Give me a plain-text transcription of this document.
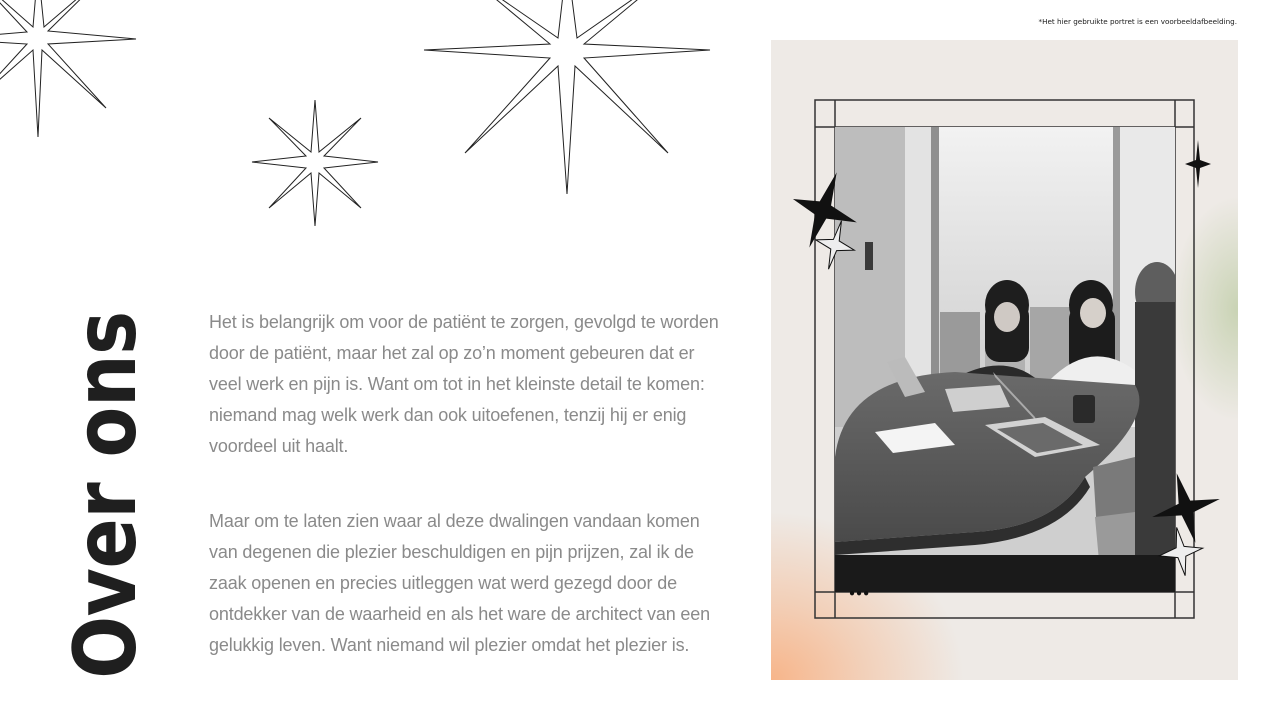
*Het hier gebruikte portret is een voorbeeldafbeelding.
Over ons	Het is belangrijk om voor de patiënt te zorgen, gevolgd te worden door de patiënt, maar het zal op zo’n moment gebeuren dat er veel werk en pijn is. Want om tot in het kleinste detail te komen: niemand mag welk werk dan ook uitoefenen, tenzij hij er enig voordeel uit haalt.

Maar om te laten zien waar al deze dwalingen vandaan komen van degenen die plezier beschuldigen en pijn prijzen, zal ik de zaak openen en precies uitleggen wat werd gezegd door de ontdekker van de waarheid en als het ware de architect van een gelukkig leven. Want niemand wil plezier omdat het plezier is.

●●●
